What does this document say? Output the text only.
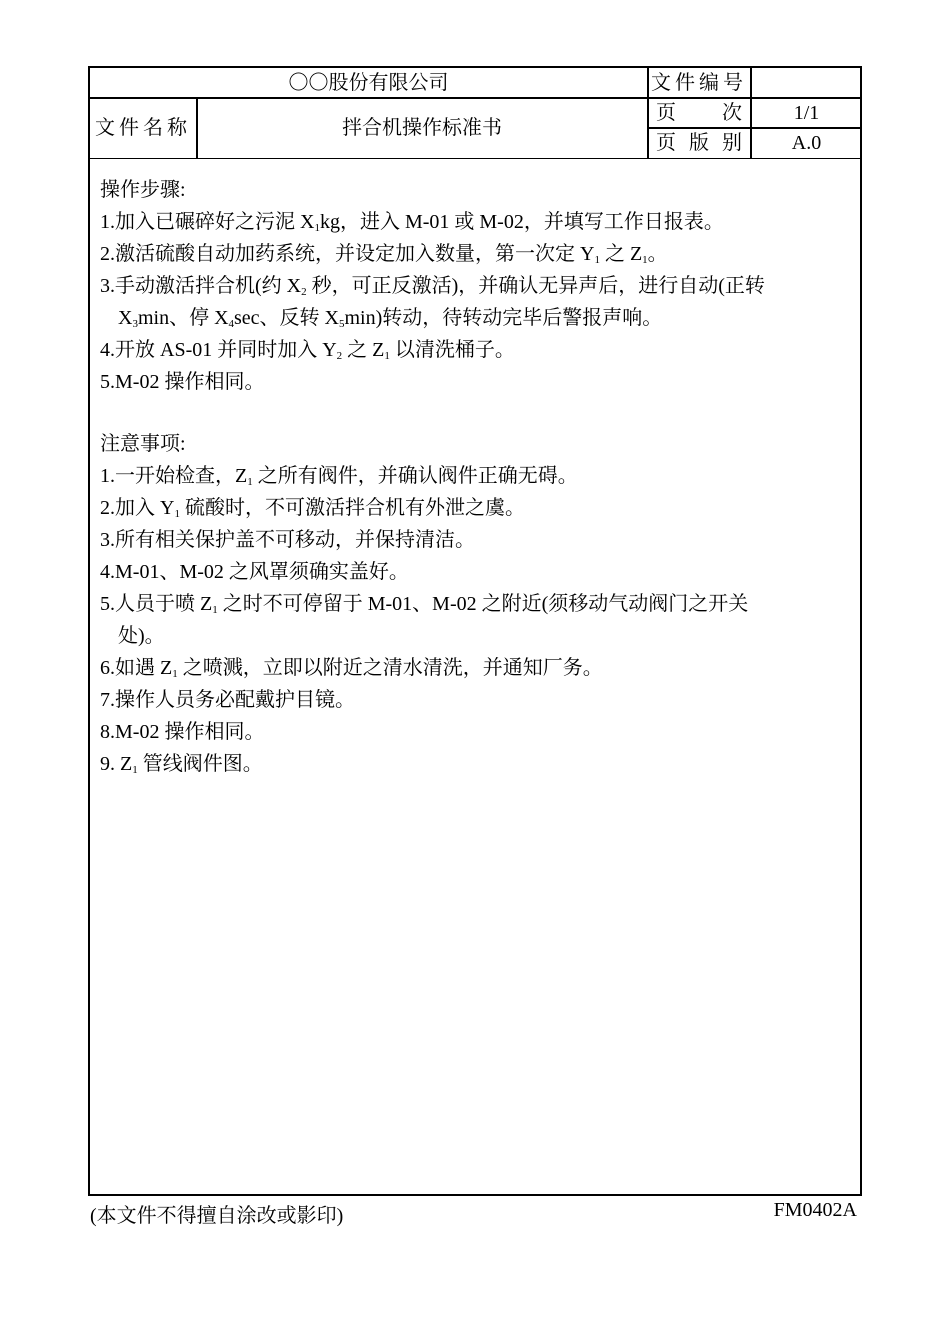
〇〇股份有限公司	文件编号
文件名称	拌合机操作标准书
页 次	1/1
页 版 别	A.0
操作步骤:
1.加入已碾碎好之污泥 $X_1kg$，进入 M-01 或 M-02，并填写工作日报表。
2.激活硫酸自动加药系统，并设定加入数量，第一次定 $Y_1$ 之 $Z_1$。
3.手动激活拌合机(约 $X_2$ 秒，可正反激活)，并确认无异声后，进行自动(正转
$X_3\min$、停 $X_4\sec$、反转 $X_5\min$)转动，待转动完毕后警报声响。
4.开放 AS-01 并同时加入 $Y_2$ 之 $Z_1$ 以清洗桶子。
5.M-02 操作相同。
注意事项:
1.一开始检查，$Z_1$ 之所有阀件，并确认阀件正确无碍。
2.加入 $Y_1$ 硫酸时，不可激活拌合机有外泄之虞。
3.所有相关保护盖不可移动，并保持清洁。
4.M-01、M-02 之风罩须确实盖好。
5.人员于喷 $Z_1$ 之时不可停留于 M-01、M-02 之附近(须移动气动阀门之开关
处)。
6.如遇 $Z_1$ 之喷溅，立即以附近之清水清洗，并通知厂务。
7.操作人员务必配戴护目镜。
8.M-02 操作相同。
9. $Z_1$ 管线阀件图。
(本文件不得擅自涂改或影印)	FM0402A
